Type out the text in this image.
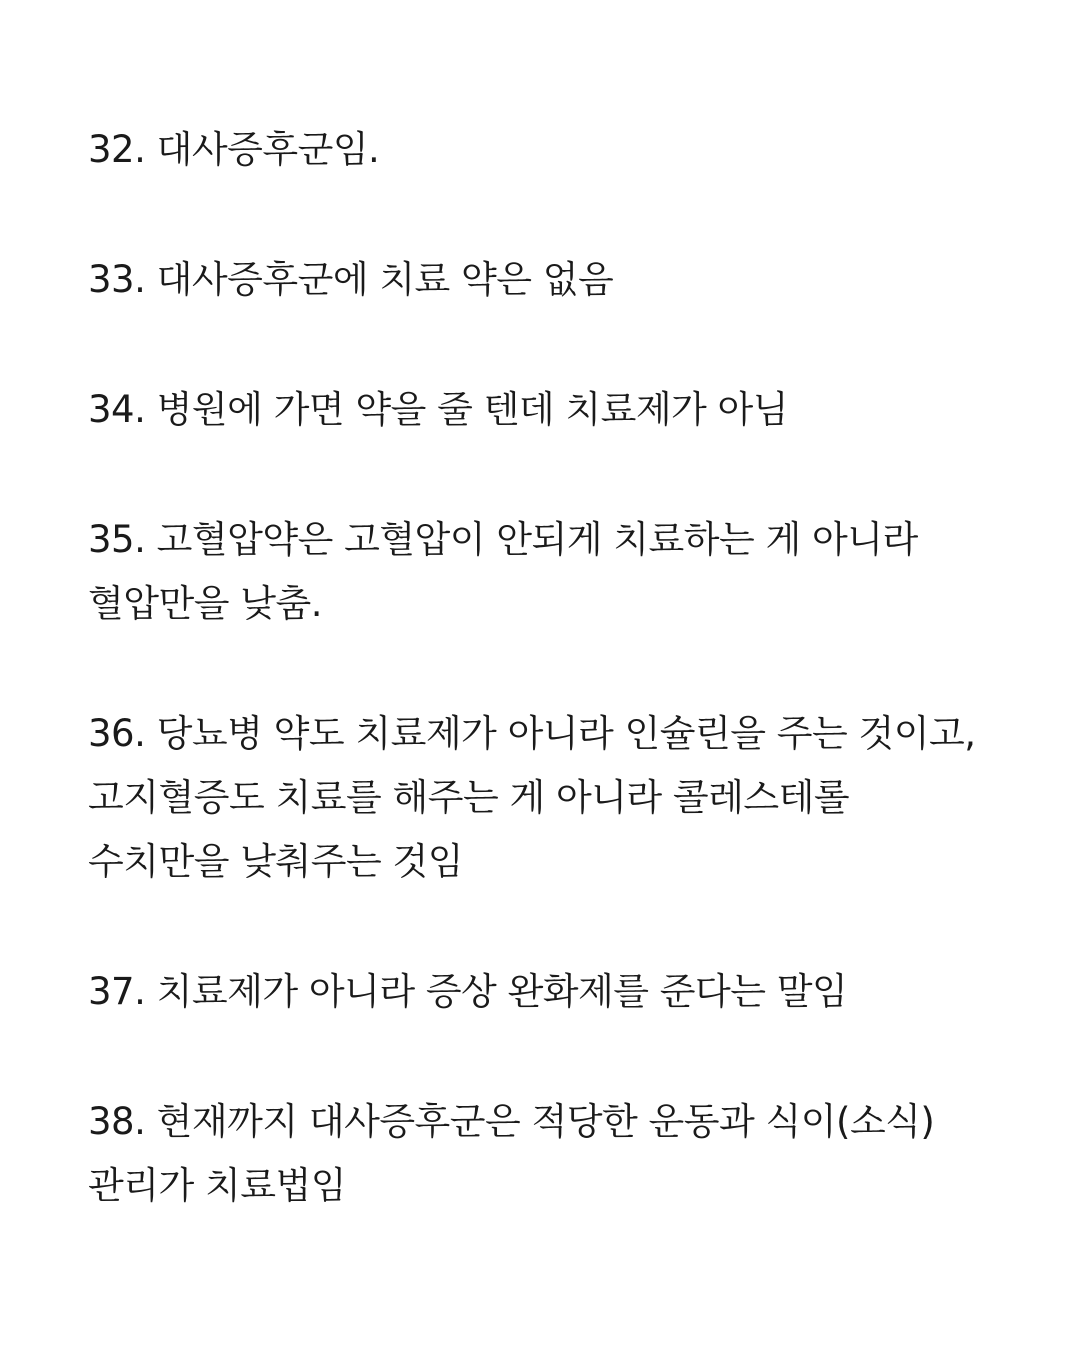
32. 대사증후군임.

33. 대사증후군에 치료 약은 없음

34. 병원에 가면 약을 줄 텐데 치료제가 아님

35. 고혈압약은 고혈압이 안되게 치료하는 게 아니라 혈압만을 낮춤.

36. 당뇨병 약도 치료제가 아니라 인슐린을 주는 것이고, 고지혈증도 치료를 해주는 게 아니라 콜레스테롤 수치만을 낮춰주는 것임

37. 치료제가 아니라 증상 완화제를 준다는 말임

38. 현재까지 대사증후군은 적당한 운동과 식이(소식) 관리가 치료법임
